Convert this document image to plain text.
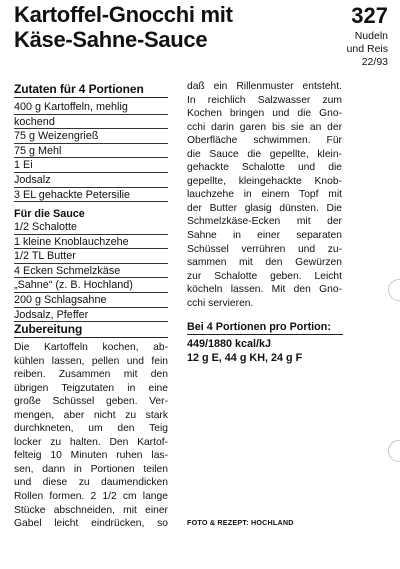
Kartoffel-Gnocchi mit
Käse-Sahne-Sauce
327
Nudeln
und Reis
22/93
Zutaten für 4 Portionen
400 g Kartoffeln, mehlig
kochend
75 g Weizengrieß
75 g Mehl
1 Ei
Jodsalz
3 EL gehackte Petersilie
Für die Sauce
1/2 Schalotte
1 kleine Knoblauchzehe
1/2 TL Butter
4 Ecken Schmelzkäse
„Sahne“ (z. B. Hochland)
200 g Schlagsahne
Jodsalz, Pfeffer
Zubereitung
Die Kartoffeln kochen, ab-
kühlen lassen, pellen und fein
reiben. Zusammen mit den
übrigen Teigzutaten in eine
große Schüssel geben. Ver-
mengen, aber nicht zu stark
durchkneten, um den Teig
locker zu halten. Den Kartof-
felteig 10 Minuten ruhen las-
sen, dann in Portionen teilen
und diese zu daumendicken
Rollen formen. 2 1/2 cm lange
Stücke abschneiden, mit einer
Gabel leicht eindrücken, so
daß ein Rillenmuster entsteht.
In reichlich Salzwasser zum
Kochen bringen und die Gno-
cchi darin garen bis sie an der
Oberfläche schwimmen. Für
die Sauce die gepellte, klein-
gehackte Schalotte und die
gepellte, kleingehackte Knob-
lauchzehe in einem Topf mit
der Butter glasig dünsten. Die
Schmelzkäse-Ecken mit der
Sahne in einer separaten
Schüssel verrühren und zu-
sammen mit den Gewürzen
zur Schalotte geben. Leicht
köcheln lassen. Mit den Gno-
cchi servieren.
Bei 4 Portionen pro Portion:
449/1880 kcal/kJ
12 g E, 44 g KH, 24 g F
FOTO & REZEPT: HOCHLAND
